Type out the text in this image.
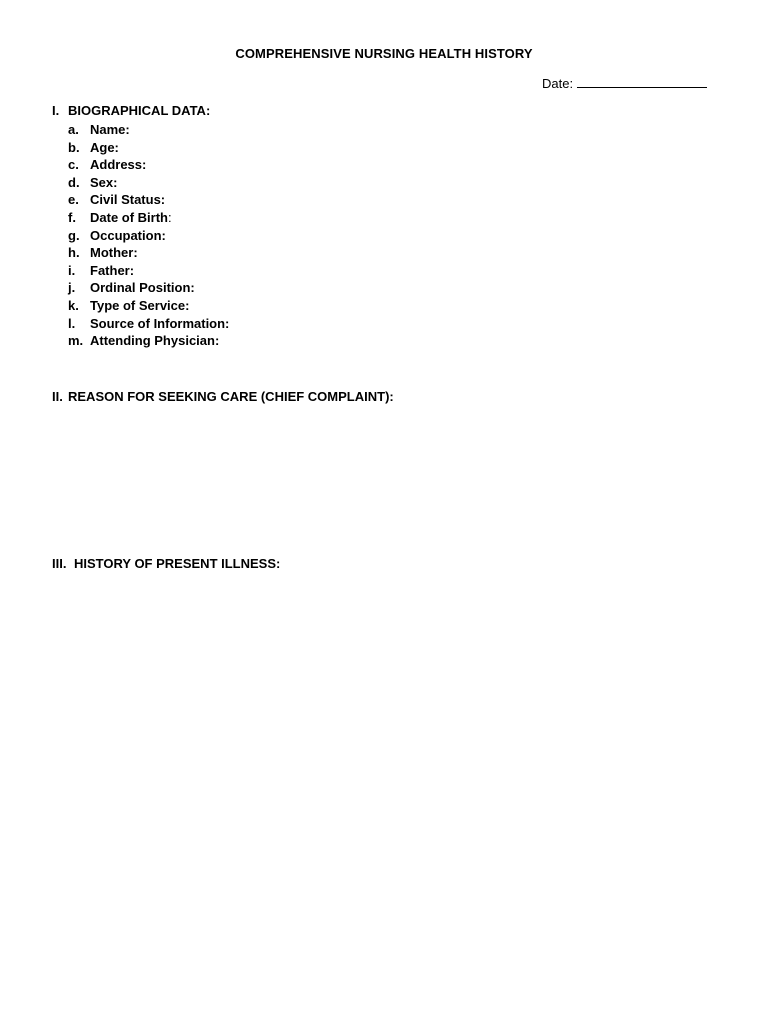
COMPREHENSIVE NURSING HEALTH HISTORY
Date:
I. BIOGRAPHICAL DATA:
a. Name:
b. Age:
c. Address:
d. Sex:
e. Civil Status:
f. Date of Birth:
g. Occupation:
h. Mother:
i. Father:
j. Ordinal Position:
k. Type of Service:
l. Source of Information:
m. Attending Physician:
II. REASON FOR SEEKING CARE (CHIEF COMPLAINT):
III. HISTORY OF PRESENT ILLNESS:
